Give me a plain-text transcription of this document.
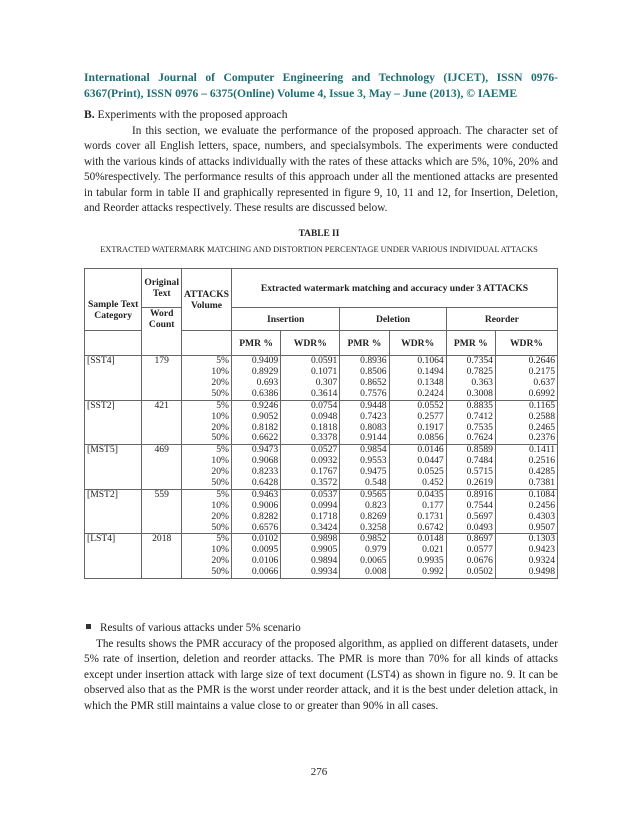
International Journal of Computer Engineering and Technology (IJCET), ISSN 0976-6367(Print), ISSN 0976 – 6375(Online) Volume 4, Issue 3, May – June (2013), © IAEME
B. Experiments with the proposed approach

In this section, we evaluate the performance of the proposed approach. The character set of words cover all English letters, space, numbers, and specialsymbols. The experiments were conducted with the various kinds of attacks individually with the rates of these attacks which are 5%, 10%, 20% and 50%respectively. The performance results of this approach under all the mentioned attacks are presented in tabular form in table II and graphically represented in figure 9, 10, 11 and 12, for Insertion, Deletion, and Reorder attacks respectively. These results are discussed below.

TABLE II
EXTRACTED WATERMARK MATCHING AND DISTORTION PERCENTAGE UNDER VARIOUS INDIVIDUAL ATTACKS
Sample Text Category	Original Text	ATTACKS Volume	Extracted watermark matching and accuracy under 3 ATTACKS					
	Word Count		Insertion		Deletion		Reorder	
			PMR %	WDR%	PMR %	WDR%	PMR %	WDR%
[SST4]	179	5%	0.9409	0.0591	0.8936	0.1064	0.7354	0.2646
		10%	0.8929	0.1071	0.8506	0.1494	0.7825	0.2175
		20%	0.693	0.307	0.8652	0.1348	0.363	0.637
		50%	0.6386	0.3614	0.7576	0.2424	0.3008	0.6992
[SST2]	421	5%	0.9246	0.0754	0.9448	0.0552	0.8835	0.1165
		10%	0.9052	0.0948	0.7423	0.2577	0.7412	0.2588
		20%	0.8182	0.1818	0.8083	0.1917	0.7535	0.2465
		50%	0.6622	0.3378	0.9144	0.0856	0.7624	0.2376
[MST5]	469	5%	0.9473	0.0527	0.9854	0.0146	0.8589	0.1411
		10%	0.9068	0.0932	0.9553	0.0447	0.7484	0.2516
		20%	0.8233	0.1767	0.9475	0.0525	0.5715	0.4285
		50%	0.6428	0.3572	0.548	0.452	0.2619	0.7381
[MST2]	559	5%	0.9463	0.0537	0.9565	0.0435	0.8916	0.1084
		10%	0.9006	0.0994	0.823	0.177	0.7544	0.2456
		20%	0.8282	0.1718	0.8269	0.1731	0.5697	0.4303
		50%	0.6576	0.3424	0.3258	0.6742	0.0493	0.9507
[LST4]	2018	5%	0.0102	0.9898	0.9852	0.0148	0.8697	0.1303
		10%	0.0095	0.9905	0.979	0.021	0.0577	0.9423
		20%	0.0106	0.9894	0.0065	0.9935	0.0676	0.9324
		50%	0.0066	0.9934	0.008	0.992	0.0502	0.9498
Results of various attacks under 5% scenario

The results shows the PMR accuracy of the proposed algorithm, as applied on different datasets, under 5% rate of insertion, deletion and reorder attacks. The PMR is more than 70% for all kinds of attacks except under insertion attack with large size of text document (LST4) as shown in figure no. 9. It can be observed also that as the PMR is the worst under reorder attack, and it is the best under deletion attack, in which the PMR still maintains a value close to or greater than 90% in all cases.

276
